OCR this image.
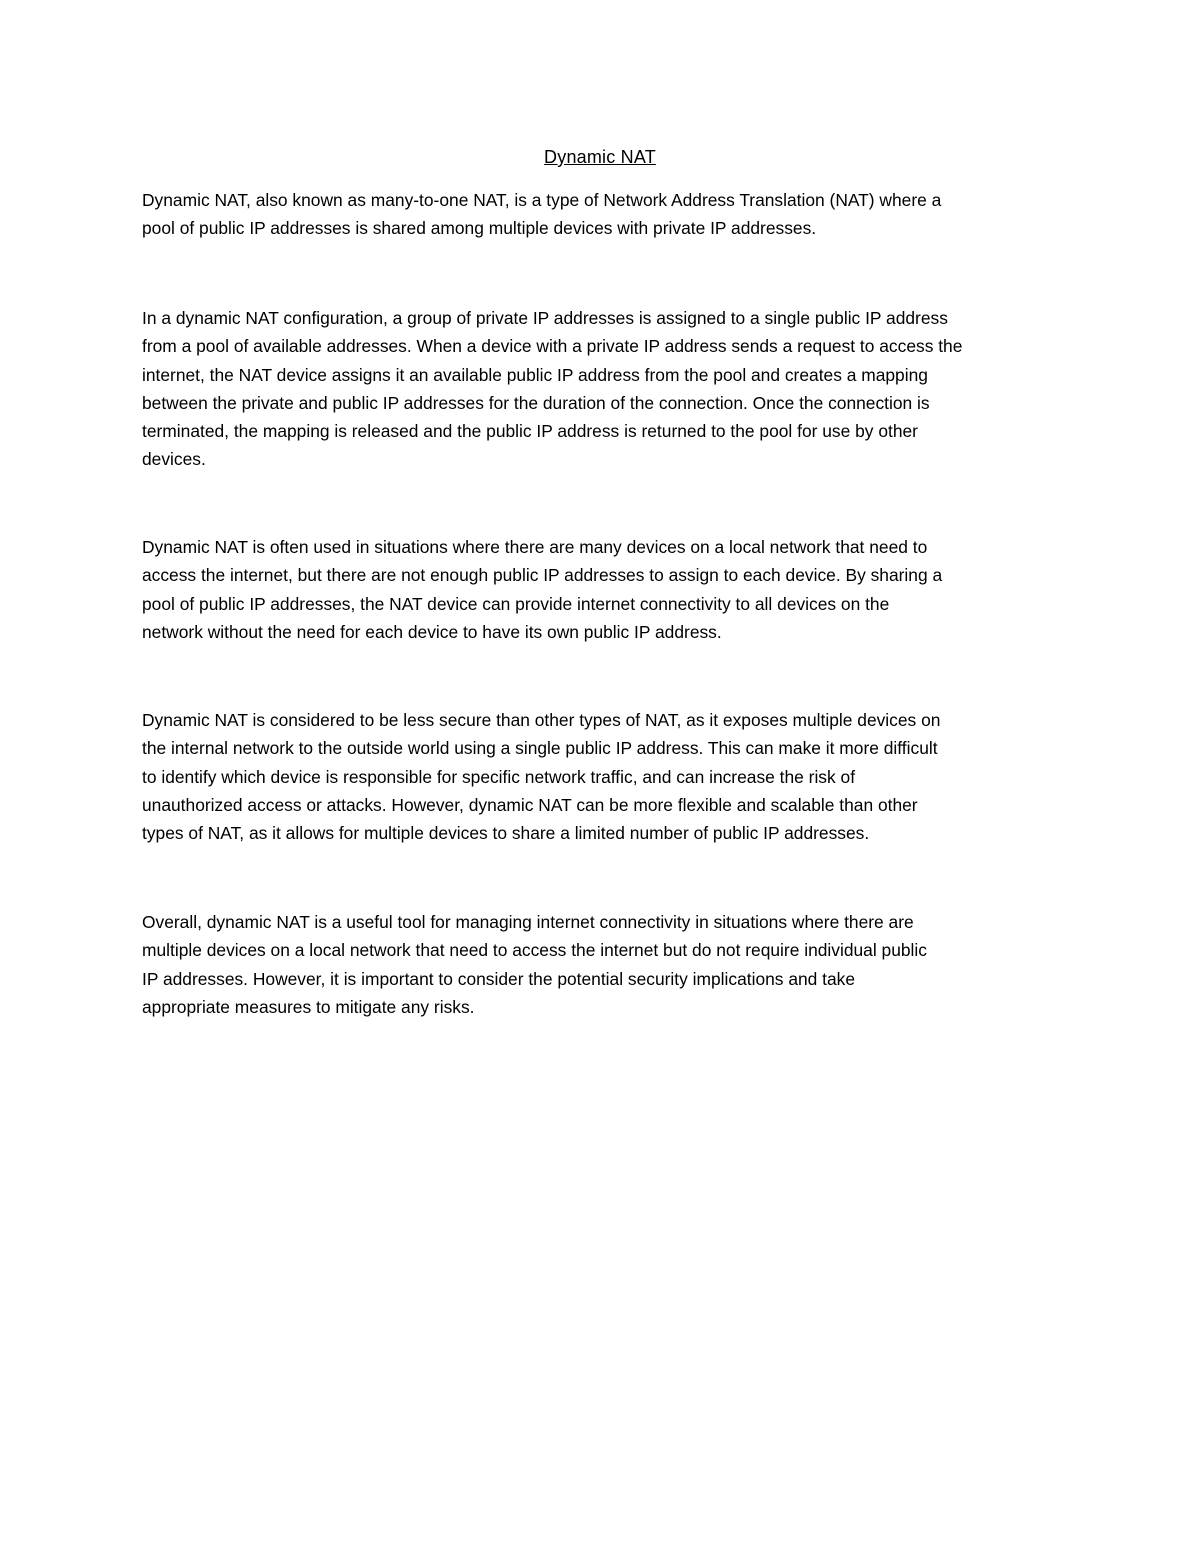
Dynamic NAT

Dynamic NAT, also known as many-to-one NAT, is a type of Network Address Translation (NAT) where a
pool of public IP addresses is shared among multiple devices with private IP addresses.

In a dynamic NAT configuration, a group of private IP addresses is assigned to a single public IP address
from a pool of available addresses. When a device with a private IP address sends a request to access the
internet, the NAT device assigns it an available public IP address from the pool and creates a mapping
between the private and public IP addresses for the duration of the connection. Once the connection is
terminated, the mapping is released and the public IP address is returned to the pool for use by other
devices.

Dynamic NAT is often used in situations where there are many devices on a local network that need to
access the internet, but there are not enough public IP addresses to assign to each device. By sharing a
pool of public IP addresses, the NAT device can provide internet connectivity to all devices on the
network without the need for each device to have its own public IP address.

Dynamic NAT is considered to be less secure than other types of NAT, as it exposes multiple devices on
the internal network to the outside world using a single public IP address. This can make it more difficult
to identify which device is responsible for specific network traffic, and can increase the risk of
unauthorized access or attacks. However, dynamic NAT can be more flexible and scalable than other
types of NAT, as it allows for multiple devices to share a limited number of public IP addresses.

Overall, dynamic NAT is a useful tool for managing internet connectivity in situations where there are
multiple devices on a local network that need to access the internet but do not require individual public
IP addresses. However, it is important to consider the potential security implications and take
appropriate measures to mitigate any risks.
